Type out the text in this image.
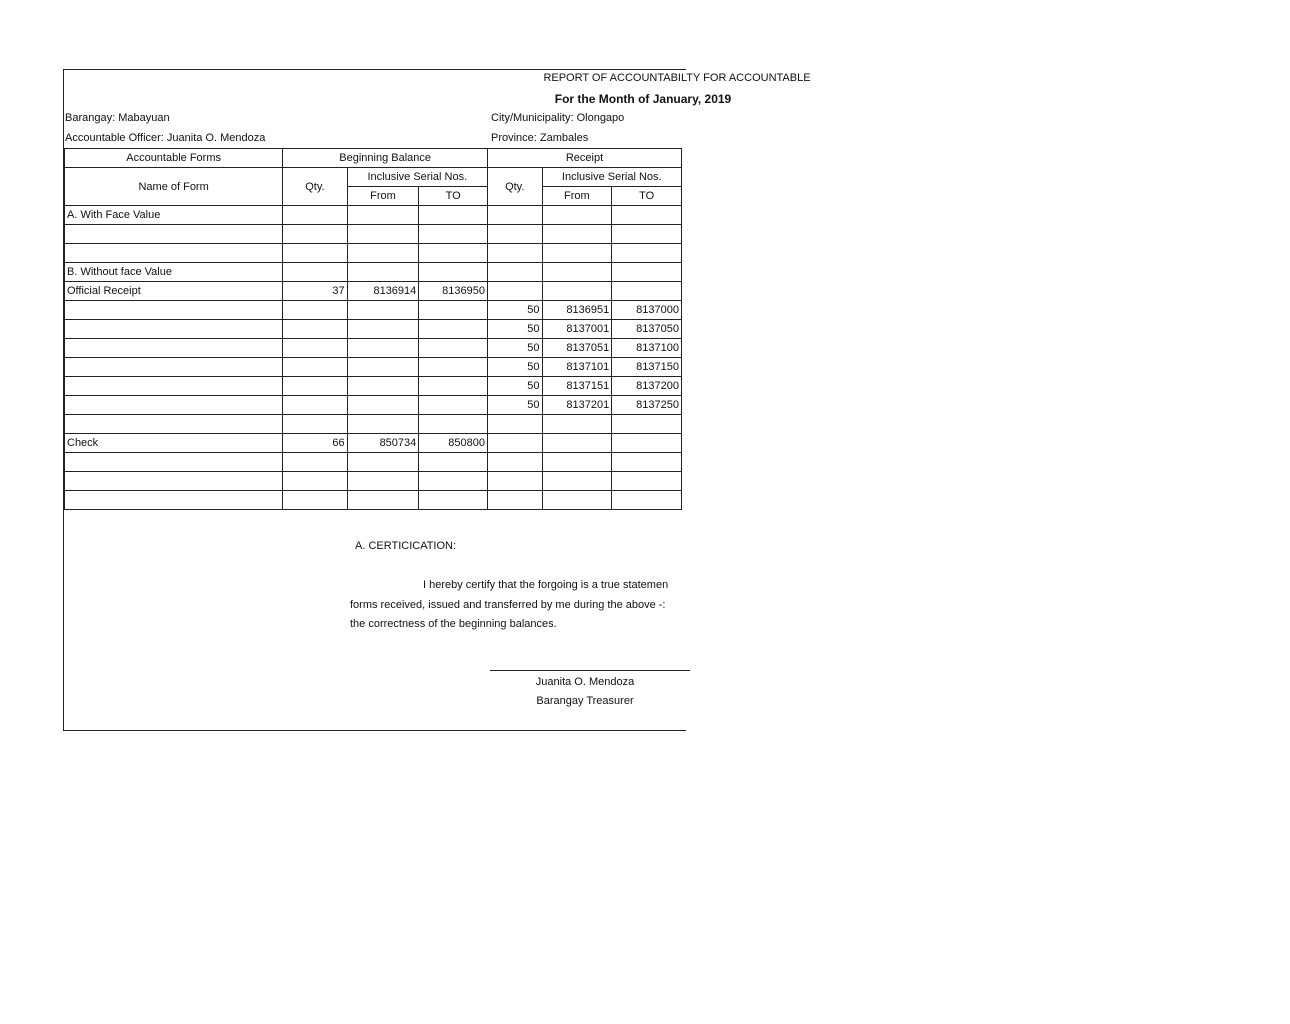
REPORT OF ACCOUNTABILTY FOR ACCOUNTABLE
For the Month of January, 2019
Barangay: Mabayuan
Accountable Officer: Juanita O. Mendoza
City/Municipality: Olongapo
Province: Zambales
Accountable Forms	Beginning Balance			Receipt		
Name of Form	Qty.	Inclusive Serial Nos.		Qty.	Inclusive Serial Nos.	
		From	TO		From	TO
A. With Face Value						

B. Without face Value						
Official Receipt	37	8136914	8136950			
				50	8136951	8137000
				50	8137001	8137050
				50	8137051	8137100
				50	8137101	8137150
				50	8137151	8137200
				50	8137201	8137250

Check	66	850734	850800			

A. CERTICICATION:
I hereby certify that the forgoing is a true statemen
forms received, issued and transferred by me during the above -:
the correctness of the beginning balances.
Juanita O. Mendoza
Barangay Treasurer
